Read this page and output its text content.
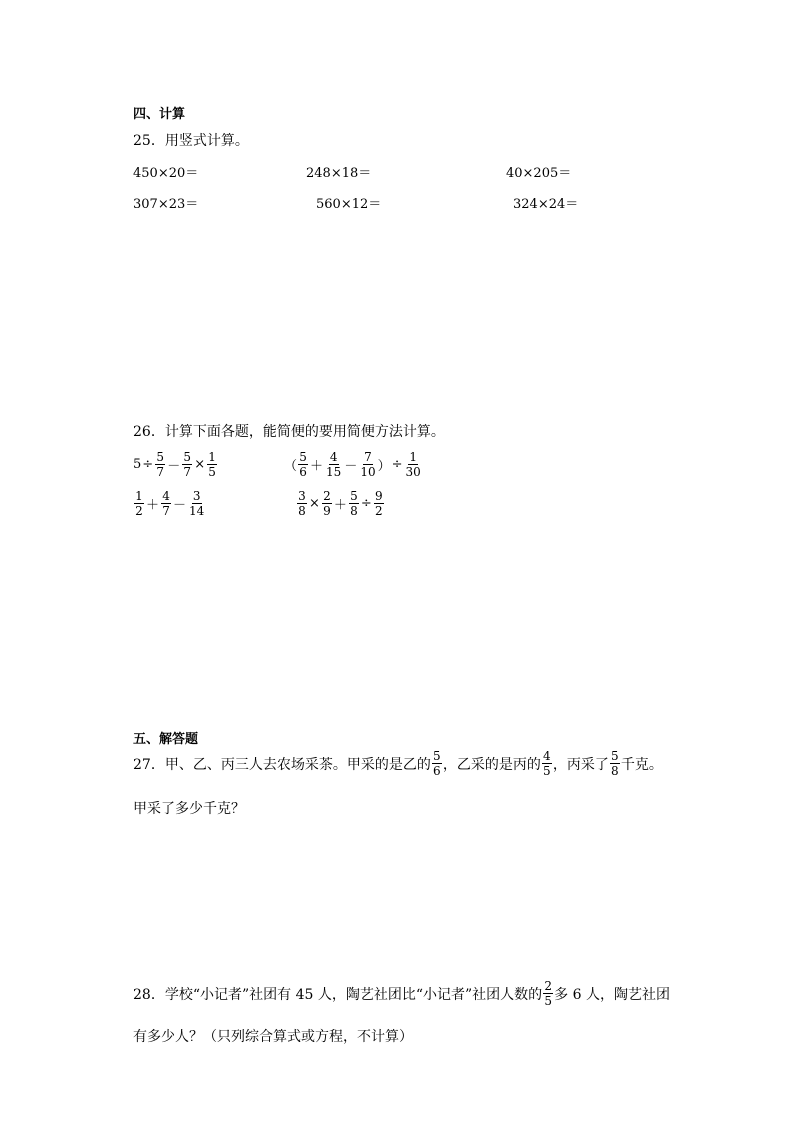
四、计算
25．用竖式计算。
450×20＝	248×18＝	40×205＝
307×23＝	560×12＝	324×24＝
26．计算下面各题，能简便的要用简便方法计算。
$5 \div \frac{5}{7} - \frac{5}{7} \times \frac{1}{5}$	（ $\frac{5}{6} + \frac{4}{15} - \frac{7}{10}$ ） ÷ $\frac{1}{30}$
$\frac{1}{2} + \frac{4}{7} - \frac{3}{14}$	$\frac{3}{8} \times \frac{2}{9} + \frac{5}{8} \div \frac{9}{2}$
五、解答题
27．甲、乙、丙三人去农场采茶。甲采的是乙的 $\frac{5}{6}$ ，乙采的是丙的 $\frac{4}{5}$ ，丙采了 $\frac{5}{8}$ 千克。
甲采了多少千克？
28．学校“小记者”社团有 45 人，陶艺社团比“小记者”社团人数的 $\frac{2}{5}$ 多 6 人，陶艺社团
有多少人？（只列综合算式或方程，不计算）
